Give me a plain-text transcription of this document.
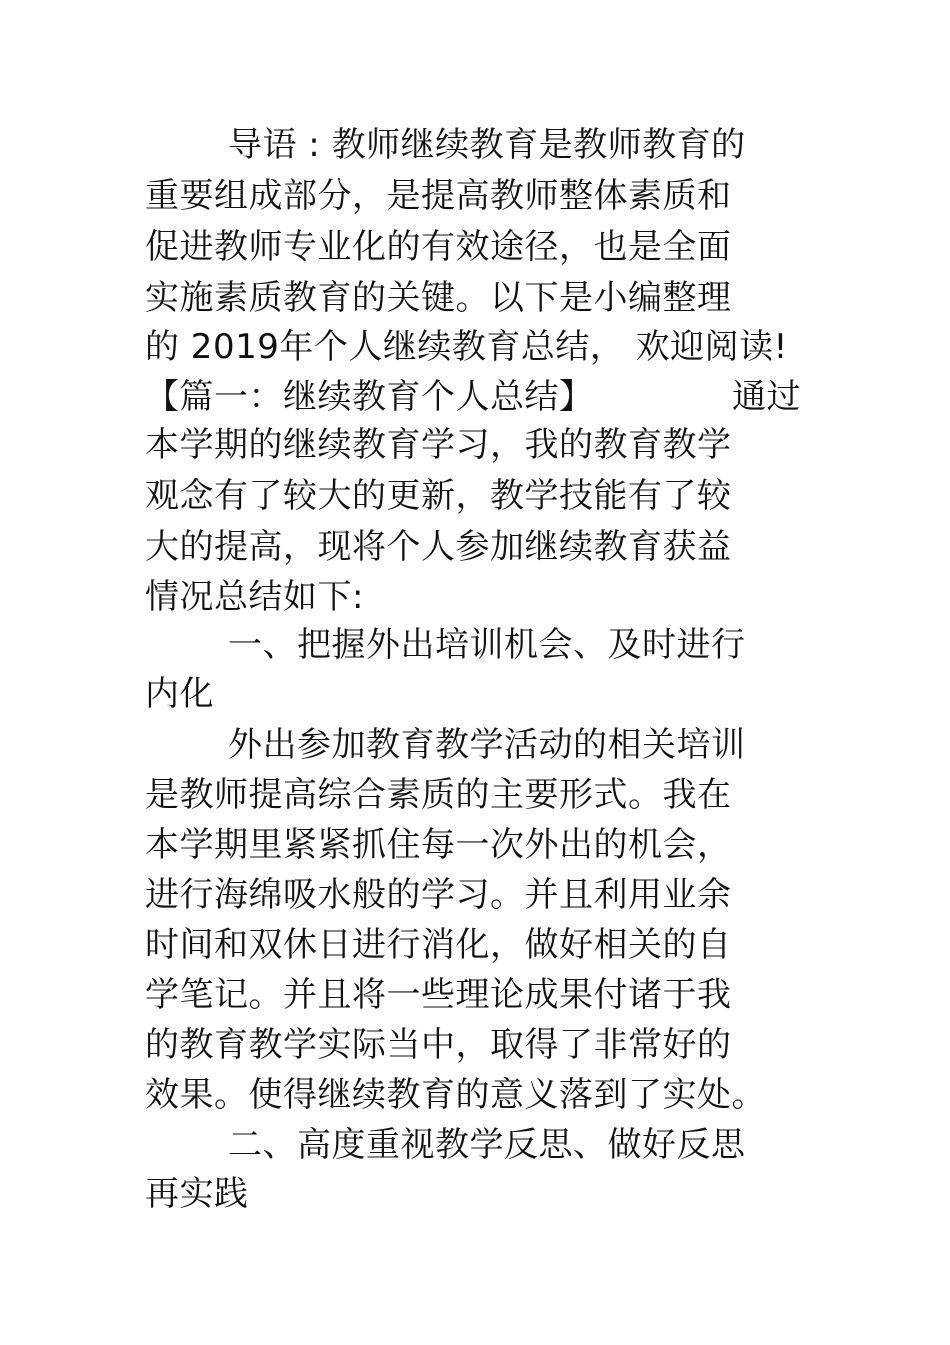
导语 : 教师继续教育是教师教育的

重要组成部分，是提高教师整体素质和

促进教师专业化的有效途径，也是全面

实施素质教育的关键。以下是小编整理

的 2019年个人继续教育总结， 欢迎阅读!

【篇一：继续教育个人总结】	通过

本学期的继续教育学习，我的教育教学

观念有了较大的更新，教学技能有了较

大的提高，现将个人参加继续教育获益

情况总结如下:

一、把握外出培训机会、及时进行

内化

外出参加教育教学活动的相关培训

是教师提高综合素质的主要形式。我在

本学期里紧紧抓住每一次外出的机会，

进行海绵吸水般的学习。并且利用业余

时间和双休日进行消化，做好相关的自

学笔记。并且将一些理论成果付诸于我

的教育教学实际当中，取得了非常好的

效果。使得继续教育的意义落到了实处。

二、高度重视教学反思、做好反思

再实践
